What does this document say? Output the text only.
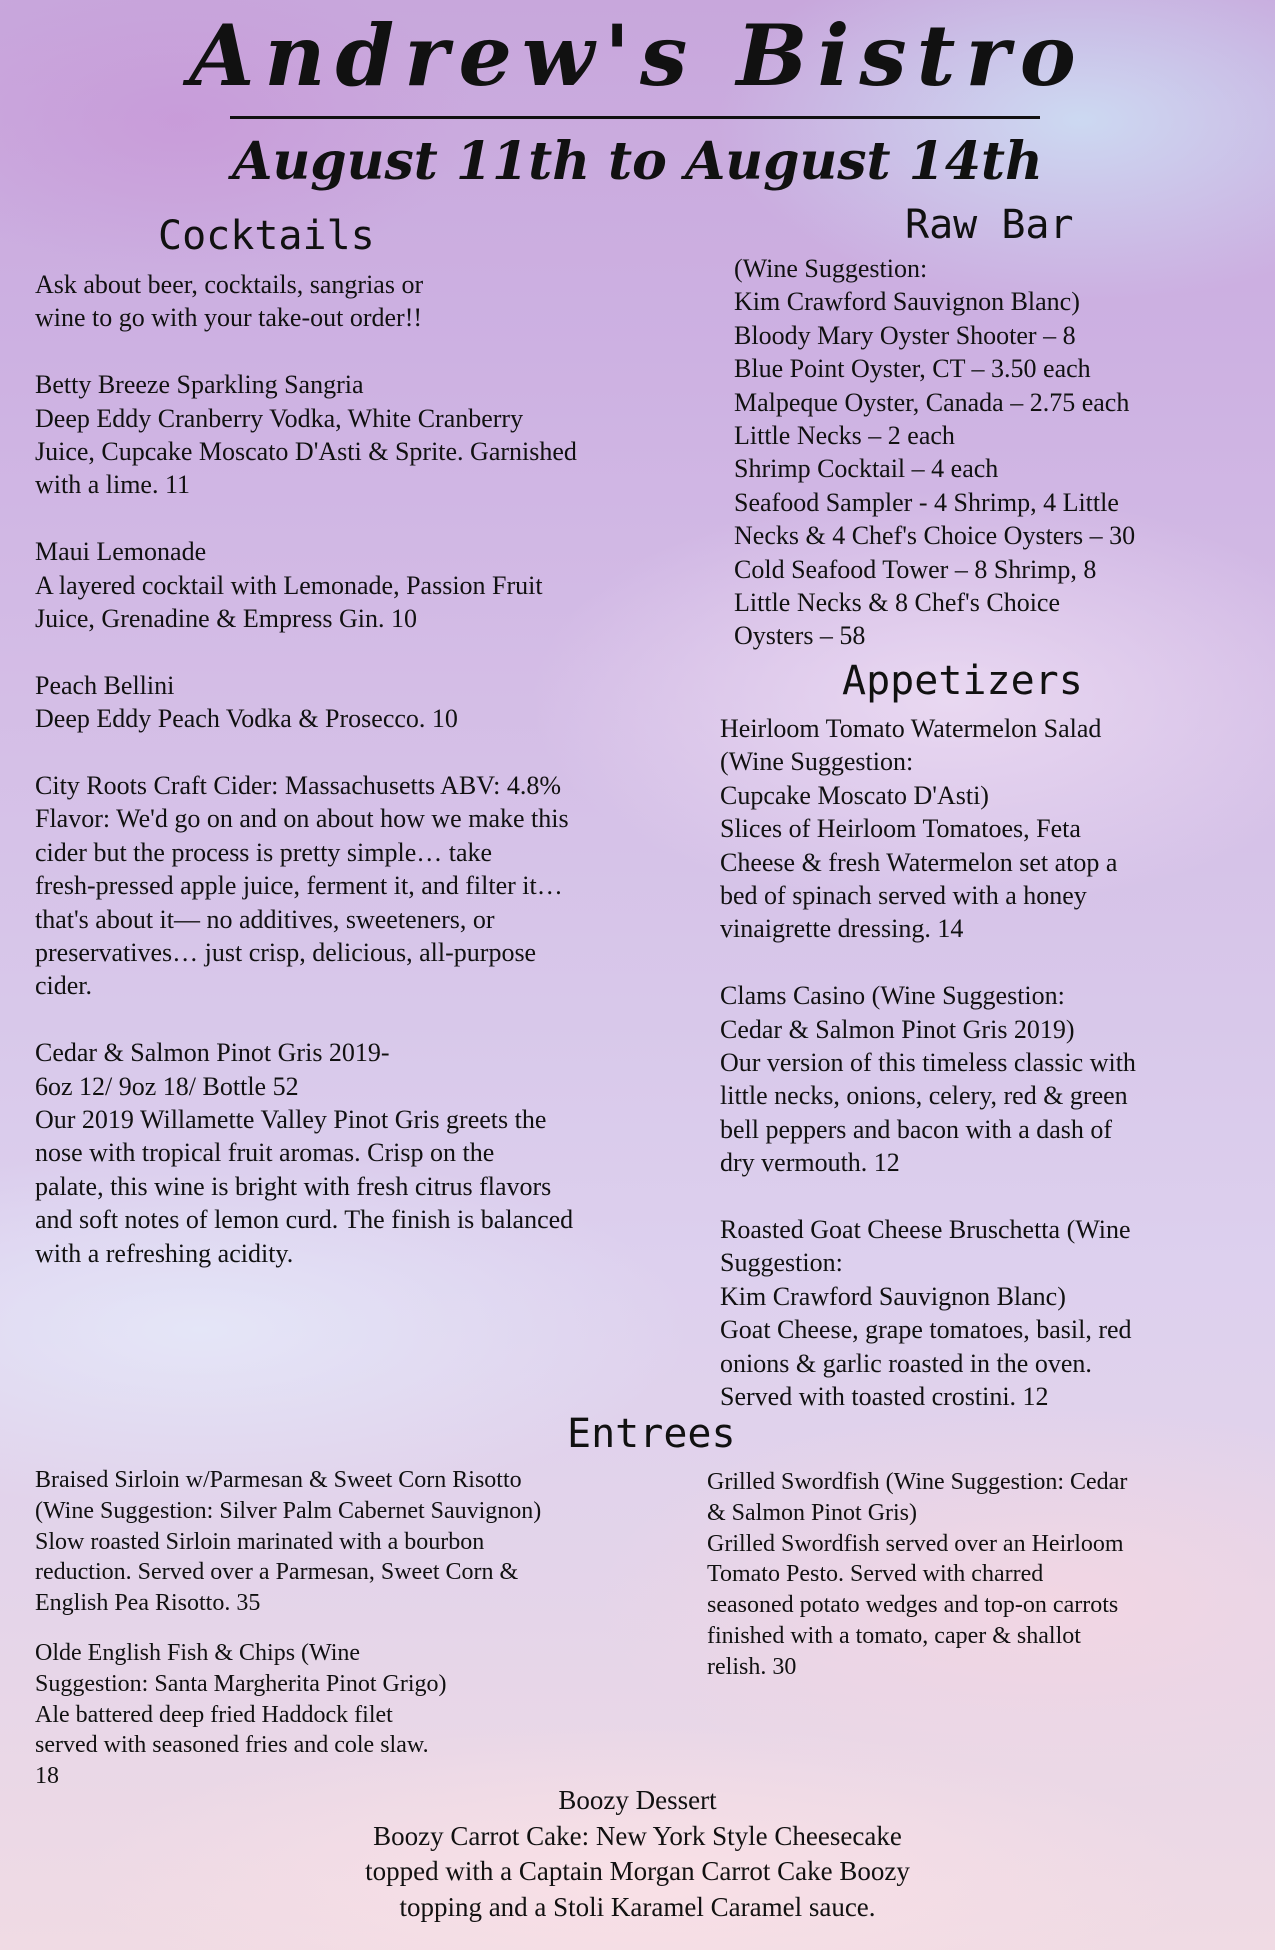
Andrew's Bistro
August 11th to August 14th
Cocktails

Ask about beer, cocktails, sangrias or

wine to go with your take-out order!!

Betty Breeze Sparkling Sangria

Deep Eddy Cranberry Vodka, White Cranberry

Juice, Cupcake Moscato D'Asti & Sprite. Garnished

with a lime. 11

Maui Lemonade

A layered cocktail with Lemonade, Passion Fruit

Juice, Grenadine & Empress Gin. 10

Peach Bellini

Deep Eddy Peach Vodka & Prosecco. 10

City Roots Craft Cider: Massachusetts ABV: 4.8%

Flavor: We'd go on and on about how we make this

cider but the process is pretty simple… take

fresh-pressed apple juice, ferment it, and filter it…

that's about it— no additives, sweeteners, or

preservatives… just crisp, delicious, all-purpose

cider.

Cedar & Salmon Pinot Gris 2019-

6oz 12/ 9oz 18/ Bottle 52

Our 2019 Willamette Valley Pinot Gris greets the

nose with tropical fruit aromas. Crisp on the

palate, this wine is bright with fresh citrus flavors

and soft notes of lemon curd. The finish is balanced

with a refreshing acidity.

Raw Bar

(Wine Suggestion:

Kim Crawford Sauvignon Blanc)

Bloody Mary Oyster Shooter – 8

Blue Point Oyster, CT – 3.50 each

Malpeque Oyster, Canada – 2.75 each

Little Necks – 2 each

Shrimp Cocktail – 4 each

Seafood Sampler - 4 Shrimp, 4 Little

Necks & 4 Chef's Choice Oysters – 30

Cold Seafood Tower – 8 Shrimp, 8

Little Necks & 8 Chef's Choice

Oysters – 58

Appetizers

Heirloom Tomato Watermelon Salad

(Wine Suggestion:

Cupcake Moscato D'Asti)

Slices of Heirloom Tomatoes, Feta

Cheese & fresh Watermelon set atop a

bed of spinach served with a honey

vinaigrette dressing. 14

Clams Casino (Wine Suggestion:

Cedar & Salmon Pinot Gris 2019)

Our version of this timeless classic with

little necks, onions, celery, red & green

bell peppers and bacon with a dash of

dry vermouth. 12

Roasted Goat Cheese Bruschetta (Wine

Suggestion:

Kim Crawford Sauvignon Blanc)

Goat Cheese, grape tomatoes, basil, red

onions & garlic roasted in the oven.

Served with toasted crostini. 12

Entrees

Braised Sirloin w/Parmesan & Sweet Corn Risotto

(Wine Suggestion: Silver Palm Cabernet Sauvignon)

Slow roasted Sirloin marinated with a bourbon

reduction. Served over a Parmesan, Sweet Corn &

English Pea Risotto. 35

Olde English Fish & Chips (Wine

Suggestion: Santa Margherita Pinot Grigo)

Ale battered deep fried Haddock filet

served with seasoned fries and cole slaw.

18

Grilled Swordfish (Wine Suggestion: Cedar

& Salmon Pinot Gris)

Grilled Swordfish served over an Heirloom

Tomato Pesto. Served with charred

seasoned potato wedges and top-on carrots

finished with a tomato, caper & shallot

relish. 30

Boozy Dessert

Boozy Carrot Cake: New York Style Cheesecake

topped with a Captain Morgan Carrot Cake Boozy

topping and a Stoli Karamel Caramel sauce.
